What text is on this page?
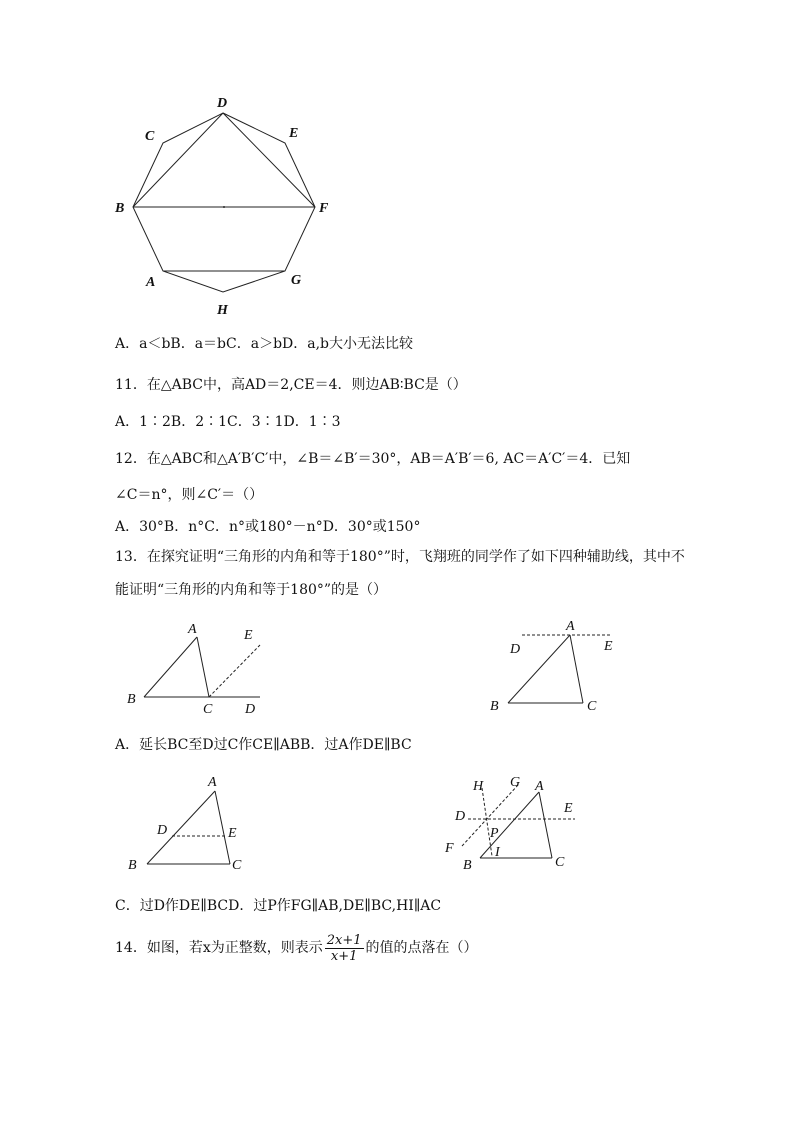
D
C	E
B	F
A	G
H
A．a＜bB．a＝bC．a＞bD．a,b大小无法比较
11．在△ABC中，高AD＝2,CE＝4．则边AB∶BC是（）
A．1∶2B．2∶1C．3∶1D．1∶3
12．在△ABC和△A′B′C′中，∠B＝∠B′＝30°，AB＝A′B′＝6, AC＝A′C′＝4．已知
∠C＝n°，则∠C′＝（）
A．30°B．n°C．n°或180°－n°D．30°或150°
13．在探究证明“三角形的内角和等于180°”时，飞翔班的同学作了如下四种辅助线，其中不
能证明“三角形的内角和等于180°”的是（）
A	E
B
C D
A
D	E
B	C
A．延长BC至D过C作CE∥ABB．过A作DE∥BC
A
D	E
B	C
H G A
D
E
P
F	I
B	C
C．过D作DE∥BCD．过P作FG∥AB,DE∥BC,HI∥AC
14．如图，若x为正整数，则表示 $\frac{2x+1}{x+1}$ 的值的点落在（）
